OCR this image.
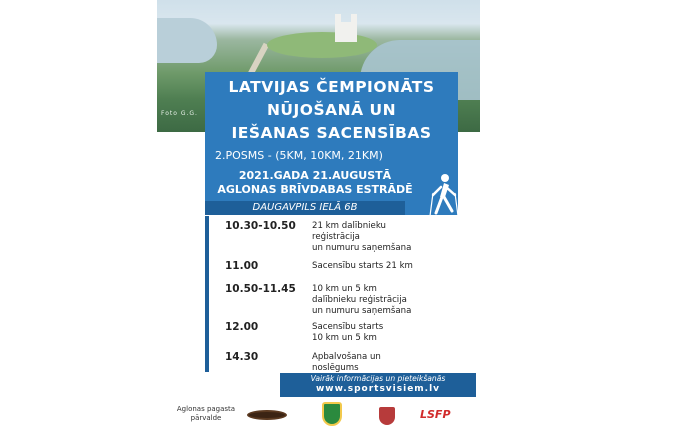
Foto G.G.
LATVIJAS ČEMPIONĀTS
NŪJOŠANĀ UN
IEŠANAS SACENSĪBAS
2.POSMS - (5KM, 10KM, 21KM)
2021.GADA 21.AUGUSTĀ
AGLONAS BRĪVDABAS ESTRĀDĒ
DAUGAVPILS IELĀ 6B
10.30-10.50 21 km dalībnieku
reģistrācija
un numuru saņemšana
11.00	Sacensību starts 21 km
10.50-11.45 10 km un 5 km
dalībnieku reģistrācija
un numuru saņemšana
12.00	Sacensību starts
10 km un 5 km
14.30	Apbalvošana un
noslēgums
Vairāk informācijas un pieteikšanās
www.sportsvisiem.lv
Aglonas pagasta pārvalde	LSFP
